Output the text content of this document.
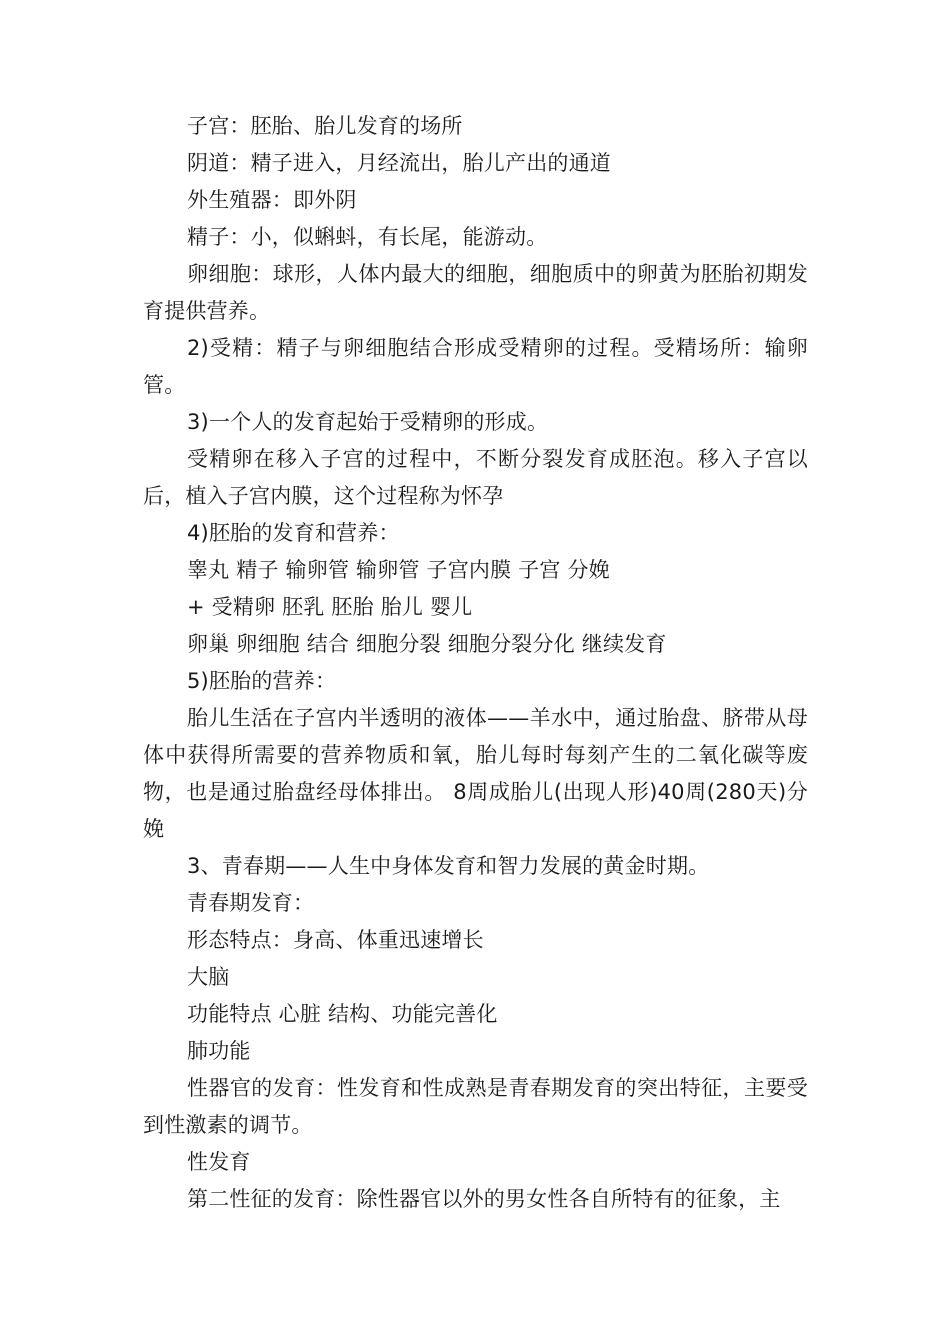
子宫：胚胎、胎儿发育的场所

阴道：精子进入，月经流出，胎儿产出的通道

外生殖器：即外阴

精子：小，似蝌蚪，有长尾，能游动。

卵细胞：球形，人体内最大的细胞，细胞质中的卵黄为胚胎初期发育提供营养。

2)受精：精子与卵细胞结合形成受精卵的过程。受精场所：输卵管。

3)一个人的发育起始于受精卵的形成。

受精卵在移入子宫的过程中，不断分裂发育成胚泡。移入子宫以后，植入子宫内膜，这个过程称为怀孕

4)胚胎的发育和营养：

睾丸 精子 输卵管 输卵管 子宫内膜 子宫 分娩

+ 受精卵 胚乳 胚胎 胎儿 婴儿

卵巢 卵细胞 结合 细胞分裂 细胞分裂分化 继续发育

5)胚胎的营养：

胎儿生活在子宫内半透明的液体——羊水中，通过胎盘、脐带从母体中获得所需要的营养物质和氧，胎儿每时每刻产生的二氧化碳等废物，也是通过胎盘经母体排出。 8周成胎儿(出现人形)40周(280天)分娩

3、青春期——人生中身体发育和智力发展的黄金时期。

青春期发育：

形态特点：身高、体重迅速增长

大脑

功能特点 心脏 结构、功能完善化

肺功能

性器官的发育：性发育和性成熟是青春期发育的突出特征，主要受到性激素的调节。

性发育

第二性征的发育：除性器官以外的男女性各自所特有的征象，主
